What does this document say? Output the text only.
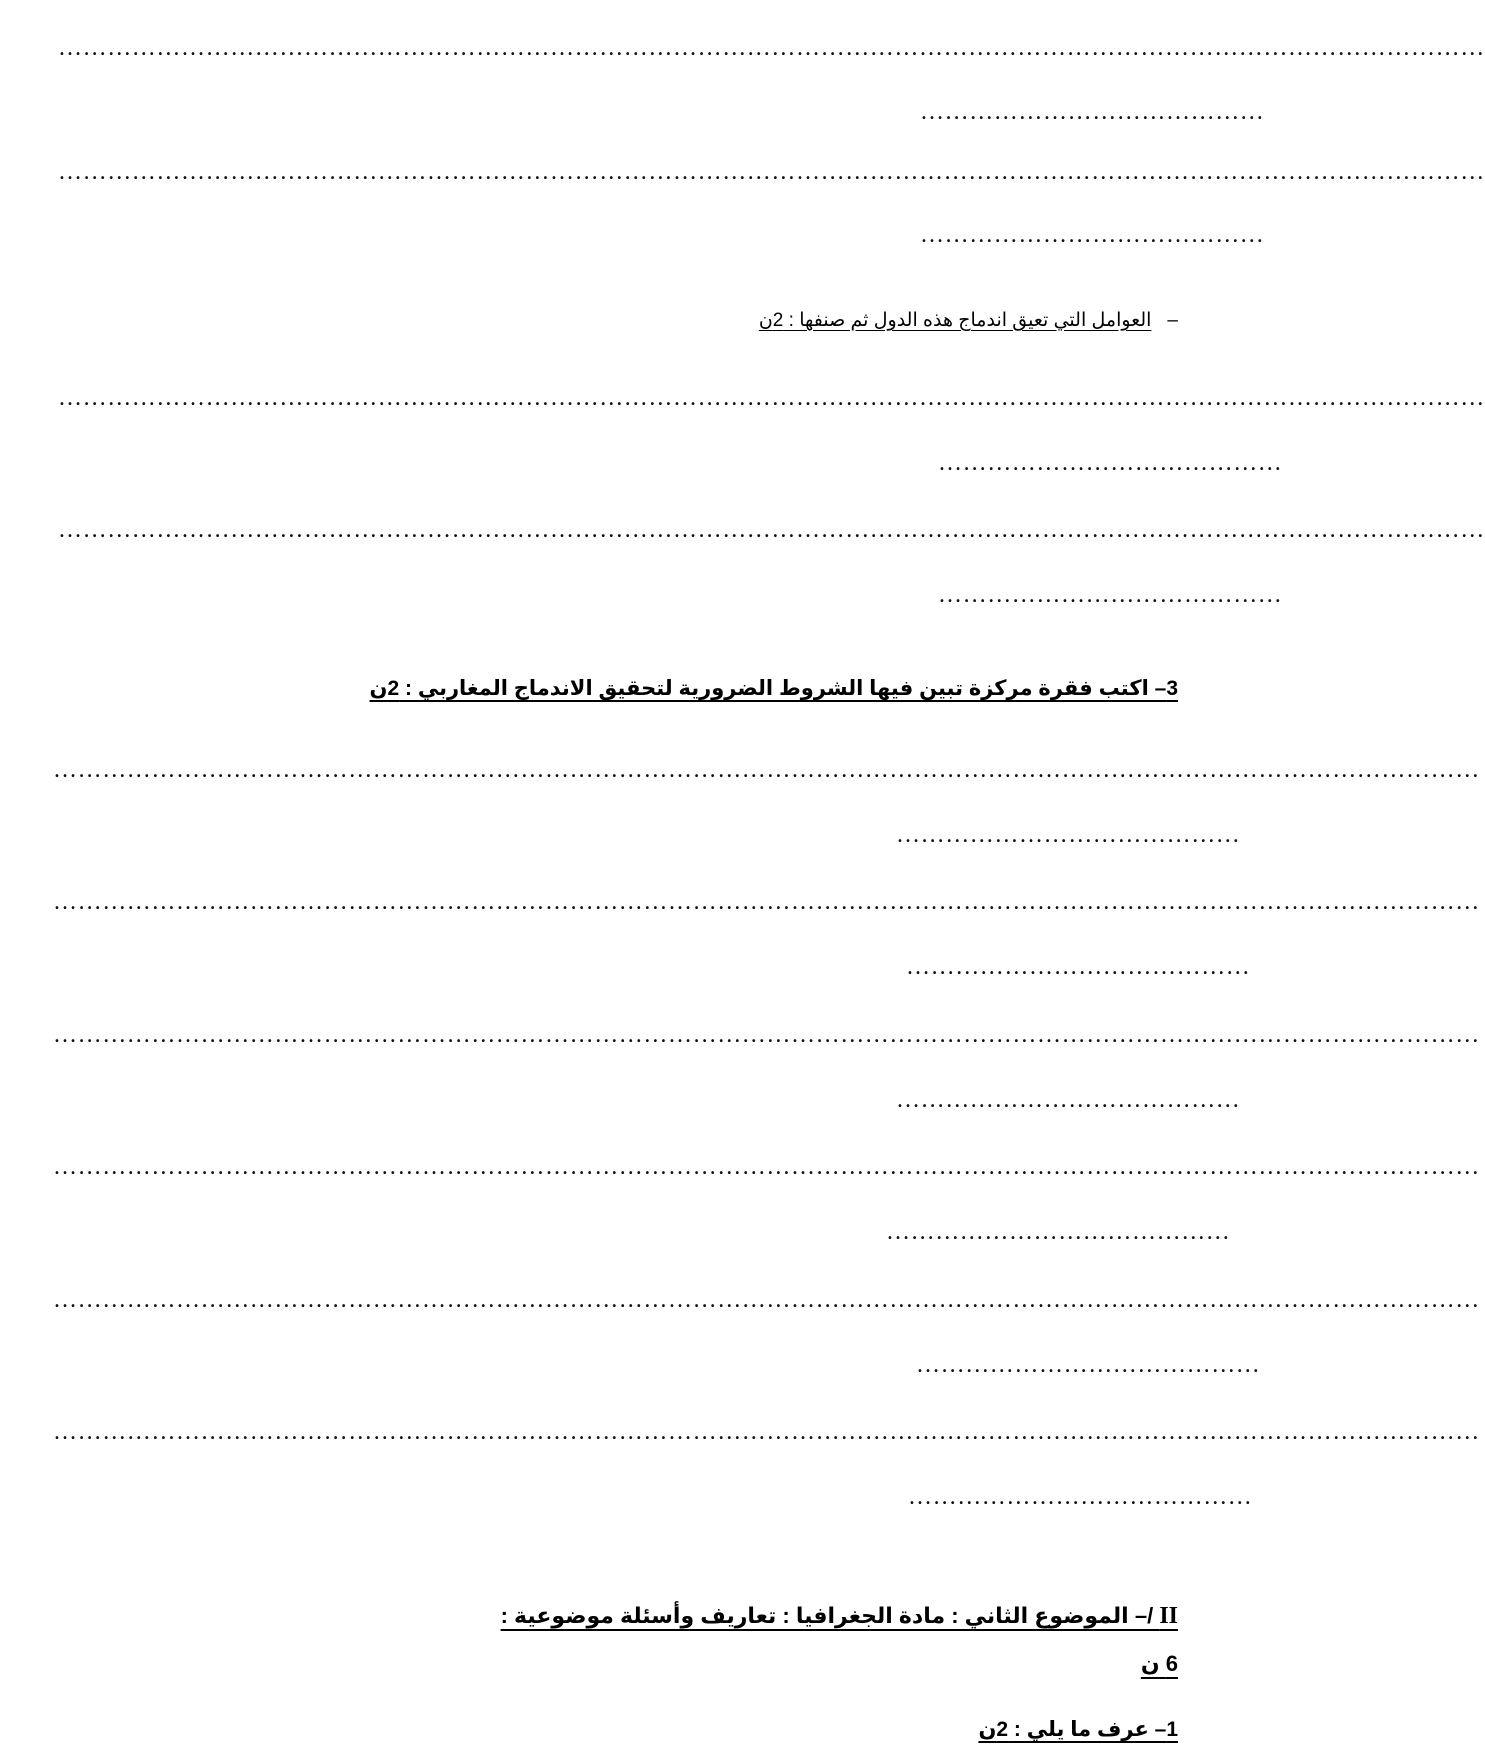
…………………………………………………………………………………………………………………………………………………………
……………………………………
…………………………………………………………………………………………………………………………………………………………
……………………………………
–العوامل التي تعيق اندماج هذه الدول ثم صنفها : 2ن
…………………………………………………………………………………………………………………………………………………………
……………………………………
…………………………………………………………………………………………………………………………………………………………
……………………………………
3– اكتب فقرة مركزة تبين فيها الشروط الضرورية لتحقيق الاندماج المغاربي : 2ن
…………………………………………………………………………………………………………………………………………………………
……………………………………
…………………………………………………………………………………………………………………………………………………………
……………………………………
…………………………………………………………………………………………………………………………………………………………
……………………………………
…………………………………………………………………………………………………………………………………………………………
……………………………………
…………………………………………………………………………………………………………………………………………………………
……………………………………
…………………………………………………………………………………………………………………………………………………………
……………………………………
II /– الموضوع الثاني : مادة الجغرافيا : تعاريف وأسئلة موضوعية :
6 ن
1– عرف ما يلي : 2ن
